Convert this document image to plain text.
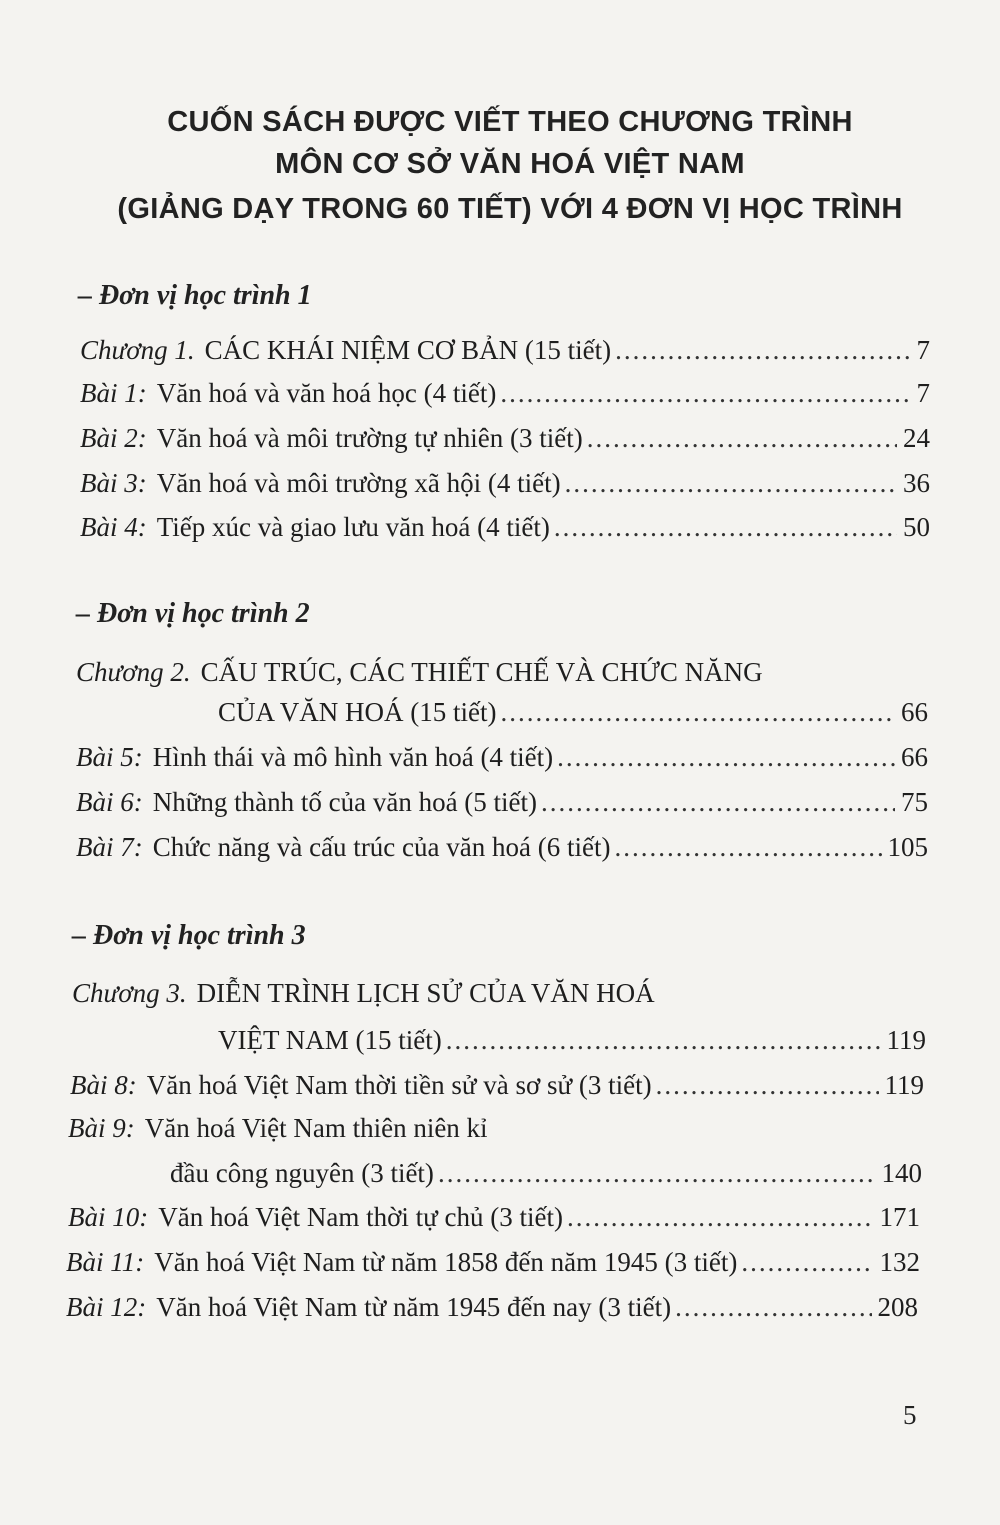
CUỐN SÁCH ĐƯỢC VIẾT THEO CHƯƠNG TRÌNH
MÔN CƠ SỞ VĂN HOÁ VIỆT NAM
(GIẢNG DẠY TRONG 60 TIẾT) VỚI 4 ĐƠN VỊ HỌC TRÌNH
– Đơn vị học trình 1
Chương 1. CÁC KHÁI NIỆM CƠ BẢN (15 tiết) .....	7
Bài 1: Văn hoá và văn hoá học (4 tiết) .....	7
Bài 2: Văn hoá và môi trường tự nhiên (3 tiết) .....	24
Bài 3: Văn hoá và môi trường xã hội (4 tiết) .....	36
Bài 4: Tiếp xúc và giao lưu văn hoá (4 tiết) .....	50
– Đơn vị học trình 2
Chương 2. CẤU TRÚC, CÁC THIẾT CHẾ VÀ CHỨC NĂNG
CỦA VĂN HOÁ (15 tiết) .....	66
Bài 5: Hình thái và mô hình văn hoá (4 tiết) .....	66
Bài 6: Những thành tố của văn hoá (5 tiết) .....	75
Bài 7: Chức năng và cấu trúc của văn hoá (6 tiết) .....	105
– Đơn vị học trình 3
Chương 3. DIỄN TRÌNH LỊCH SỬ CỦA VĂN HOÁ
VIỆT NAM (15 tiết) .....	119
Bài 8: Văn hoá Việt Nam thời tiền sử và sơ sử (3 tiết) .....	119
Bài 9: Văn hoá Việt Nam thiên niên kỉ
đầu công nguyên (3 tiết) .....	140
Bài 10: Văn hoá Việt Nam thời tự chủ (3 tiết) .....	171
Bài 11: Văn hoá Việt Nam từ năm 1858 đến năm 1945 (3 tiết) .....	132
Bài 12: Văn hoá Việt Nam từ năm 1945 đến nay (3 tiết) .....	208
5
